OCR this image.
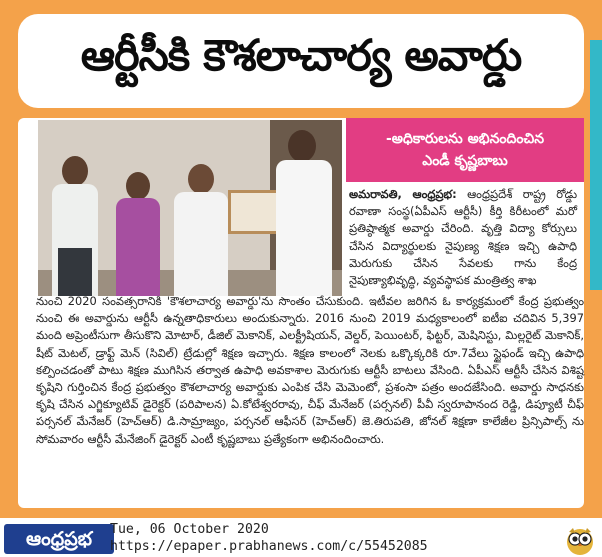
ఆర్టీసీకి కౌశలాచార్య అవార్డు
-అధికారులను అభినందించిన
ఎండీ కృష్ణబాబు
అమరావతి, ఆంధ్రప్రభ: ఆంధ్రప్రదేశ్ రాష్ట్ర రోడ్డు రవాణా సంస్థ(ఏపీఎస్ ఆర్టీసీ) కీర్తి కిరీటంలో మరో ప్రతిష్ఠాత్మక అవార్డు చేరింది. వృత్తి విద్యా కోర్సులు చేసిన విద్యార్థులకు నైపుణ్య శిక్షణ ఇచ్చి ఉపాధి మెరుగుకు చేసిన సేవలకు గాను కేంద్ర నైపుణ్యాభివృద్ధి, వ్యవస్థాపక మంత్రిత్వ శాఖ
నుంచి 2020 సంవత్సరానికి 'కౌశలాచార్య అవార్డు'ను సొంతం చేసుకుంది. ఇటీవల జరిగిన ఓ కార్యక్రమంలో కేంద్ర ప్రభుత్వం నుంచి ఈ అవార్డును ఆర్టీసీ ఉన్నతాధికారులు అందుకున్నారు. 2016 నుంచి 2019 మధ్యకాలంలో ఐటీఐ చదివిన 5,397 మంది అప్రెంటీసుగా తీసుకొని మోటార్, డీజిల్ మెకానిక్, ఎలక్ట్రీషియన్, వెల్డర్, పెయింటర్, ఫిట్టర్, మెషినిస్టు, మిల్లరైట్ మెకానిక్, షీట్ మెటల్, డ్రాఫ్ట్ మెన్ (సివిల్) ట్రేడుల్లో శిక్షణ ఇచ్చారు. శిక్షణ కాలంలో నెలకు ఒక్కొక్కరికి రూ.7వేలు స్టైఫండ్ ఇచ్చి ఉపాధి కల్పించడంతో పాటు శిక్షణ ముగిసిన తర్వాత ఉపాధి అవకాశాల మెరుగుకు ఆర్టీసీ బాటలు వేసింది. ఏపీఎస్ ఆర్టీసీ చేసిన విశిష్ట కృషిని గుర్తించిన కేంద్ర ప్రభుత్వం కౌశలాచార్య అవార్డుకు ఎంపిక చేసి మెమెంటో, ప్రశంసా పత్రం అందజేసింది. అవార్డు సాధనకు కృషి చేసిన ఎగ్జిక్యూటివ్ డైరెక్టర్ (పరిపాలన) ఏ.కోటేశ్వరరావు, చీఫ్ మేనేజర్ (పర్సనల్) పీవీ స్వరూపానంద రెడ్డి, డిప్యూటీ చీఫ్ పర్సనల్ మేనేజర్ (హెచ్ఆర్) డి.సామ్రాజ్యం, పర్సనల్ ఆఫీసర్ (హెచ్ఆర్) జె.తిరుపతి, జోనల్ శిక్షణా కాలేజీల ప్రిన్సిపాల్స్ ను సోమవారం ఆర్టీసీ మేనేజింగ్ డైరెక్టర్ ఎంటీ కృష్ణబాబు ప్రత్యేకంగా అభినందించారు.
ఆంధ్రప్రభ	Tue, 06 October 2020
https://epaper.prabhanews.com/c/55452085
